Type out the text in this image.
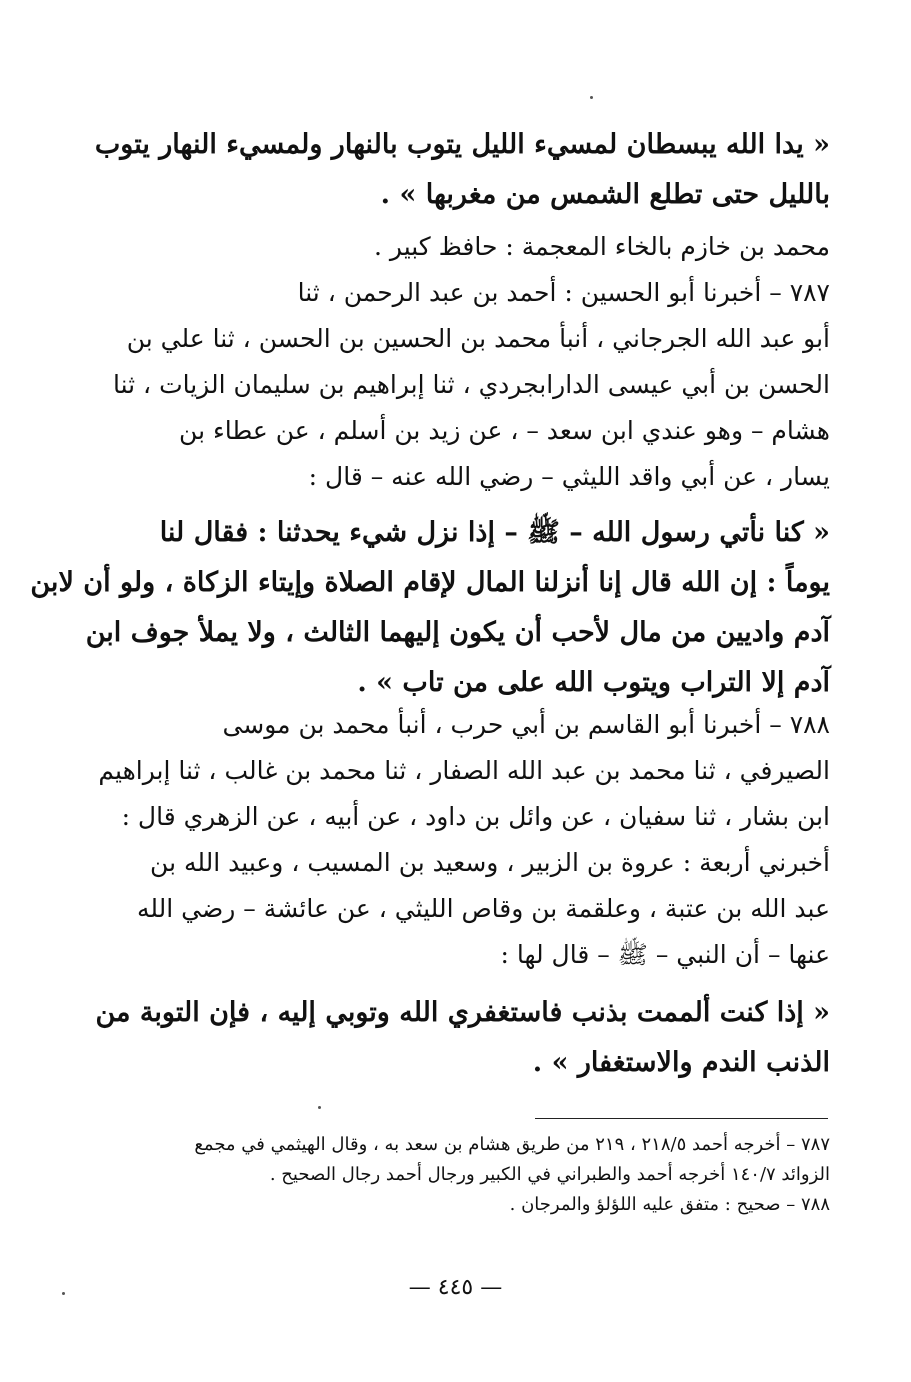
« يدا الله يبسطان لمسيء الليل يتوب بالنهار ولمسيء النهار يتوب
بالليل حتى تطلع الشمس من مغربها » .
محمد بن خازم بالخاء المعجمة : حافظ كبير .
٧٨٧ – أخبرنا أبو الحسين : أحمد بن عبد الرحمن ، ثنا
أبو عبد الله الجرجاني ، أنبأ محمد بن الحسين بن الحسن ، ثنا علي بن
الحسن بن أبي عيسى الدارابجردي ، ثنا إبراهيم بن سليمان الزيات ، ثنا
هشام – وهو عندي ابن سعد – ، عن زيد بن أسلم ، عن عطاء بن
يسار ، عن أبي واقد الليثي – رضي الله عنه – قال :
« كنا نأتي رسول الله – ﷺ – إذا نزل شيء يحدثنا : فقال لنا
يوماً : إن الله قال إنا أنزلنا المال لإقام الصلاة وإيتاء الزكاة ، ولو أن لابن
آدم واديين من مال لأحب أن يكون إليهما الثالث ، ولا يملأ جوف ابن
آدم إلا التراب ويتوب الله على من تاب » .
٧٨٨ – أخبرنا أبو القاسم بن أبي حرب ، أنبأ محمد بن موسى
الصيرفي ، ثنا محمد بن عبد الله الصفار ، ثنا محمد بن غالب ، ثنا إبراهيم
ابن بشار ، ثنا سفيان ، عن وائل بن داود ، عن أبيه ، عن الزهري قال :
أخبرني أربعة : عروة بن الزبير ، وسعيد بن المسيب ، وعبيد الله بن
عبد الله بن عتبة ، وعلقمة بن وقاص الليثي ، عن عائشة – رضي الله
عنها – أن النبي – ﷺ – قال لها :
« إذا كنت ألممت بذنب فاستغفري الله وتوبي إليه ، فإن التوبة من
الذنب الندم والاستغفار » .
٧٨٧ – أخرجه أحمد ٢١٨/٥ ، ٢١٩ من طريق هشام بن سعد به ، وقال الهيثمي في مجمع
الزوائد ١٤٠/٧ أخرجه أحمد والطبراني في الكبير ورجال أحمد رجال الصحيح .
٧٨٨ – صحيح : متفق عليه اللؤلؤ والمرجان .
— ٤٤٥ —
